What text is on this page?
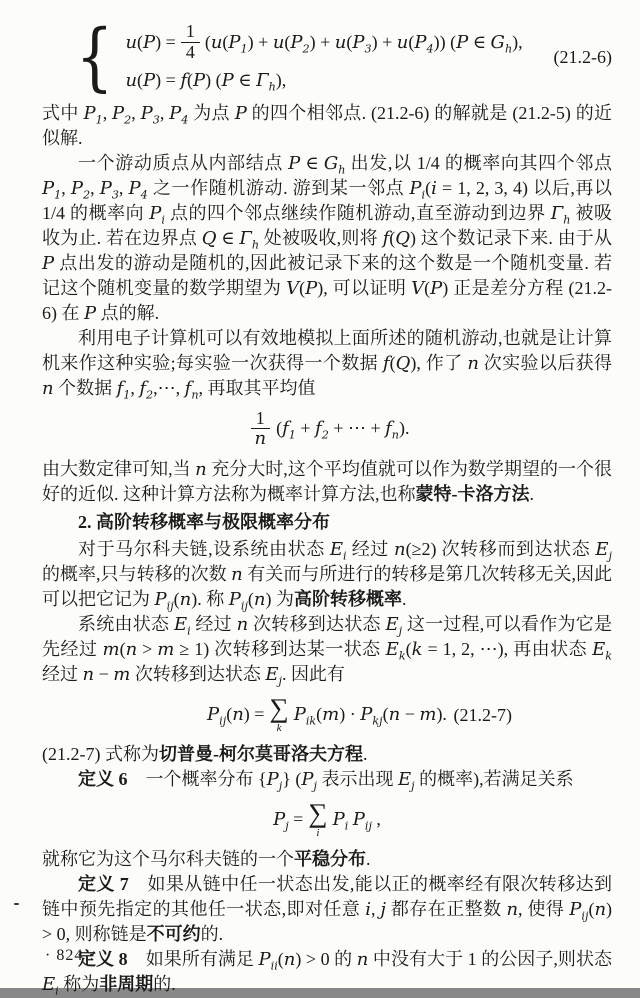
{ $u(P) = \frac{1}{4} (u(P_1) + u(P_2) + u(P_3) + u(P_4))$ (P ∈ $G_h$),
u(P) = f(P) (P ∈ $\Gamma_h$),
(21.2-6)

式中 $P_1$, $P_2$, $P_3$, $P_4$ 为点 P 的四个相邻点. (21.2-6) 的解就是 (21.2-5) 的近似解.

一个游动质点从内部结点 P ∈ $G_h$ 出发,以 1/4 的概率向其四个邻点 $P_1$, $P_2$, $P_3$, $P_4$ 之一作随机游动. 游到某一邻点 $P_i(i = 1$, 2, 3, 4) 以后,再以 1/4 的概率向 $P_i$ 点的四个邻点继续作随机游动,直至游动到边界 $\Gamma_h$ 被吸收为止. 若在边界点 Q ∈ $\Gamma_h$ 处被吸收,则将 f(Q) 这个数记录下来. 由于从 P 点出发的游动是随机的,因此被记录下来的这个数是一个随机变量. 若记这个随机变量的数学期望为 V(P), 可以证明 V(P) 正是差分方程 (21.2-6) 在 P 点的解.

利用电子计算机可以有效地模拟上面所述的随机游动,也就是让计算机来作这种实验;每实验一次获得一个数据 f(Q), 作了 n 次实验以后获得 n 个数据 $f_1$, $f_2,\cdots$, $f_n$, 再取其平均值

$\frac{1}{n} (f_1 + f_2$ + ⋯ + $f_n$).

由大数定律可知,当 n 充分大时,这个平均值就可以作为数学期望的一个很好的近似. 这种计算方法称为概率计算方法,也称蒙特-卡洛方法.

2. 高阶转移概率与极限概率分布

对于马尔科夫链,设系统由状态 $E_i$ 经过 n(≥2) 次转移而到达状态 $E_j$ 的概率,只与转移的次数 n 有关而与所进行的转移是第几次转移无关,因此可以把它记为 $P_{ij}(n)$. 称 $P_{ij}(n)$ 为高阶转移概率.

系统由状态 $E_i$ 经过 n 次转移到达状态 $E_j$ 这一过程,可以看作为它是先经过 m(n > m ≥ 1) 次转移到达某一状态 $E_k(k = 1$, 2, ⋯), 再由状态 $E_k$ 经过 n − m 次转移到达状态 $E_j$. 因此有

$P_{ij}(n)$ = ∑
k
$P_{ik}(m) \cdot P_{kj}(n - m)$. (21.2-7)

(21.2-7) 式称为切普曼-柯尔莫哥洛夫方程.

定义 6　一个概率分布 $\{P_j\}$ ($P_j$ 表示出现 $E_j$ 的概率),若满足关系

$P_j$ = ∑
i
$P_i$ $P_{ij}$ ,

就称它为这个马尔科夫链的一个平稳分布.

定义 7　如果从链中任一状态出发,能以正的概率经有限次转移达到链中预先指定的其他任一状态,即对任意 i, j 都存在正整数 n, 使得 $P_{ij}(n) > 0$, 则称链是不可约的.

定义 8　如果所有满足 $P_{ii}(n) > 0$ 的 n 中没有大于 1 的公因子,则状态 $E_i$ 称为非周期的.

· 824 ·
